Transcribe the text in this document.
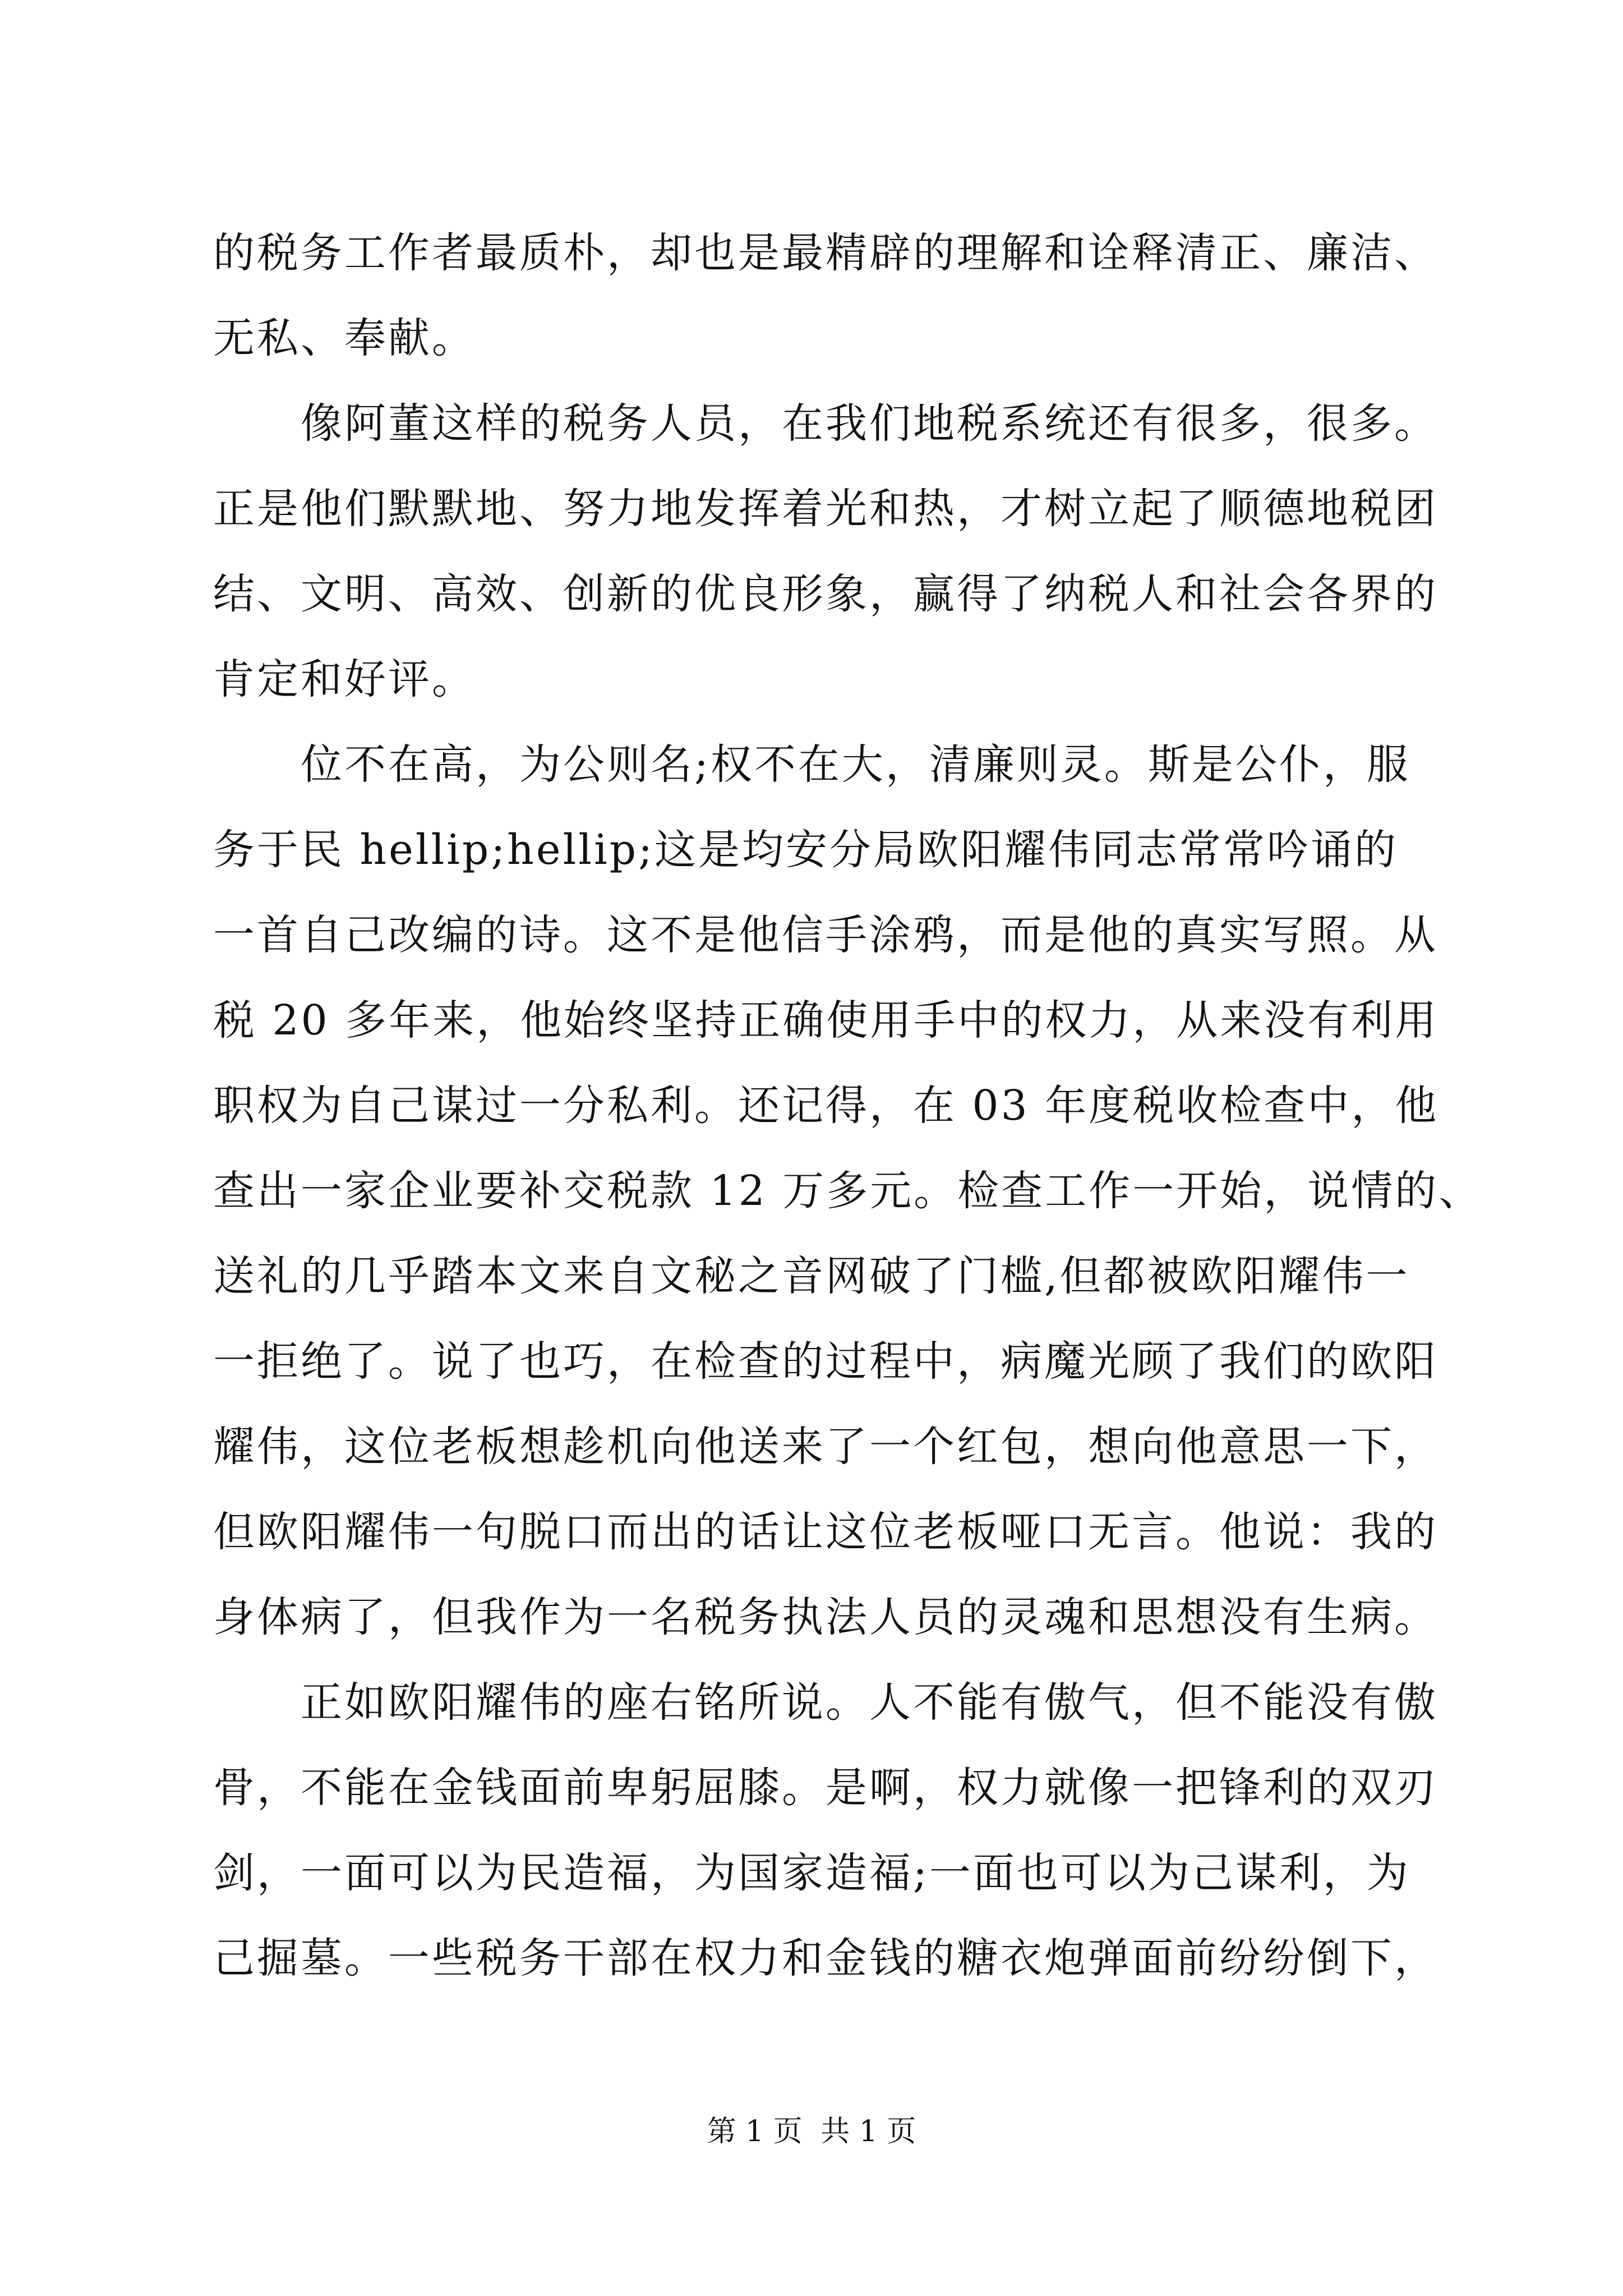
的税务工作者最质朴，却也是最精辟的理解和诠释清正、廉洁、
无私、奉献。
　　像阿董这样的税务人员，在我们地税系统还有很多，很多。
正是他们默默地、努力地发挥着光和热，才树立起了顺德地税团
结、文明、高效、创新的优良形象，赢得了纳税人和社会各界的
肯定和好评。
　　位不在高，为公则名;权不在大，清廉则灵。斯是公仆，服
务于民 hellip;hellip;这是均安分局欧阳耀伟同志常常吟诵的
一首自己改编的诗。这不是他信手涂鸦，而是他的真实写照。从
税 20 多年来，他始终坚持正确使用手中的权力，从来没有利用
职权为自己谋过一分私利。还记得，在 03 年度税收检查中，他
查出一家企业要补交税款 12 万多元。检查工作一开始，说情的、
送礼的几乎踏本文来自文秘之音网破了门槛,但都被欧阳耀伟一
一拒绝了。说了也巧，在检查的过程中，病魔光顾了我们的欧阳
耀伟，这位老板想趁机向他送来了一个红包，想向他意思一下，
但欧阳耀伟一句脱口而出的话让这位老板哑口无言。他说：我的
身体病了，但我作为一名税务执法人员的灵魂和思想没有生病。
　　正如欧阳耀伟的座右铭所说。人不能有傲气，但不能没有傲
骨，不能在金钱面前卑躬屈膝。是啊，权力就像一把锋利的双刃
剑，一面可以为民造福，为国家造福;一面也可以为己谋利，为
己掘墓。一些税务干部在权力和金钱的糖衣炮弹面前纷纷倒下，
第 1 页 共 1 页
